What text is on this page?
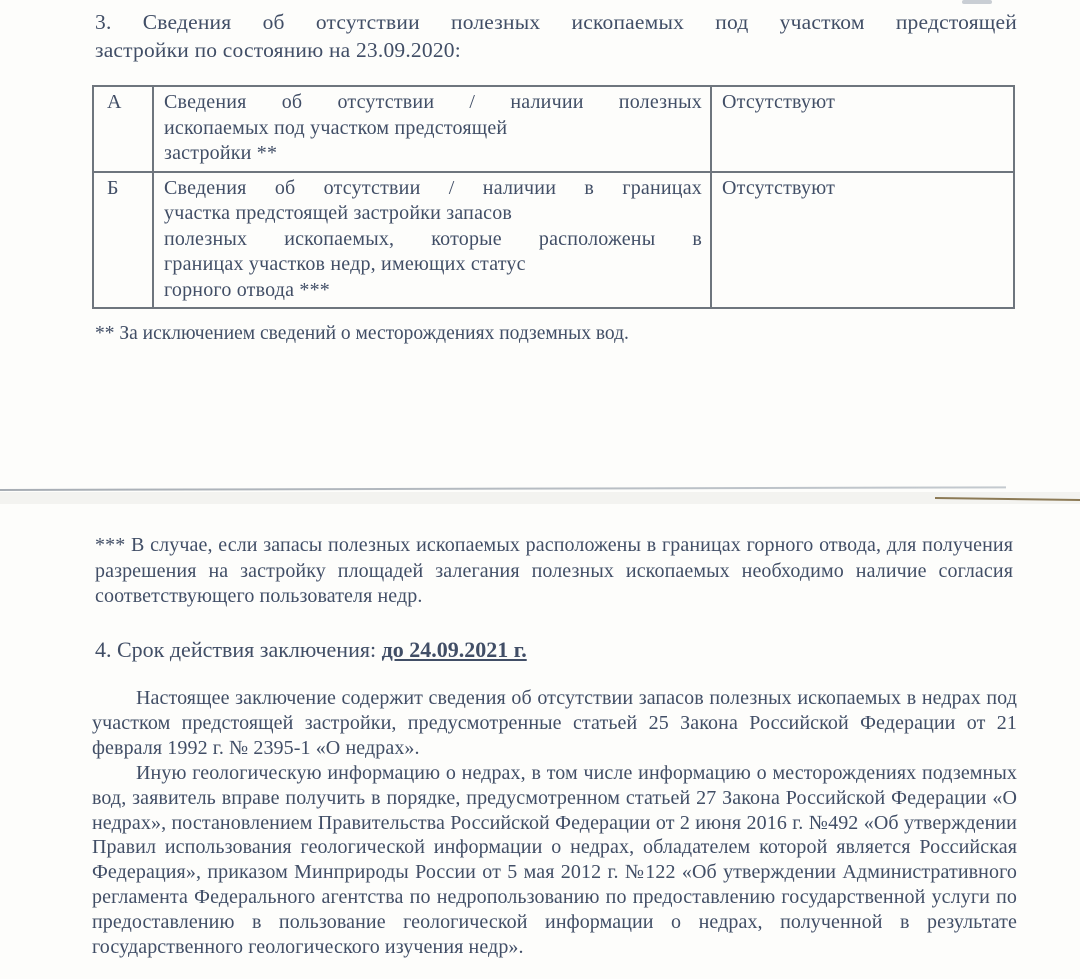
3. Сведения об отсутствии полезных ископаемых под участком предстоящей
застройки по состоянию на 23.09.2020:
А	Сведения об отсутствии / наличии полезных
ископаемых под участком предстоящей
застройки **	Отсутствуют
Б	Сведения об отсутствии / наличии в границах
участка предстоящей застройки запасов
полезных ископаемых, которые расположены в
границах участков недр, имеющих статус
горного отвода ***	Отсутствуют
** За исключением сведений о месторождениях подземных вод.
*** В случае, если запасы полезных ископаемых расположены в границах горного отвода, для получения разрешения на застройку площадей залегания полезных ископаемых необходимо наличие согласия соответствующего пользователя недр.
4. Срок действия заключения: до 24.09.2021 г.
Настоящее заключение содержит сведения об отсутствии запасов полезных ископаемых в недрах под участком предстоящей застройки, предусмотренные статьей 25 Закона Российской Федерации от 21 февраля 1992 г. № 2395-1 «О недрах».
Иную геологическую информацию о недрах, в том числе информацию о месторождениях подземных вод, заявитель вправе получить в порядке, предусмотренном статьей 27 Закона Российской Федерации «О недрах», постановлением Правительства Российской Федерации от 2 июня 2016 г. №492 «Об утверждении Правил использования геологической информации о недрах, обладателем которой является Российская Федерация», приказом Минприроды России от 5 мая 2012 г. №122 «Об утверждении Административного регламента Федерального агентства по недропользованию по предоставлению государственной услуги по предоставлению в пользование геологической информации о недрах, полученной в результате государственного геологического изучения недр».
